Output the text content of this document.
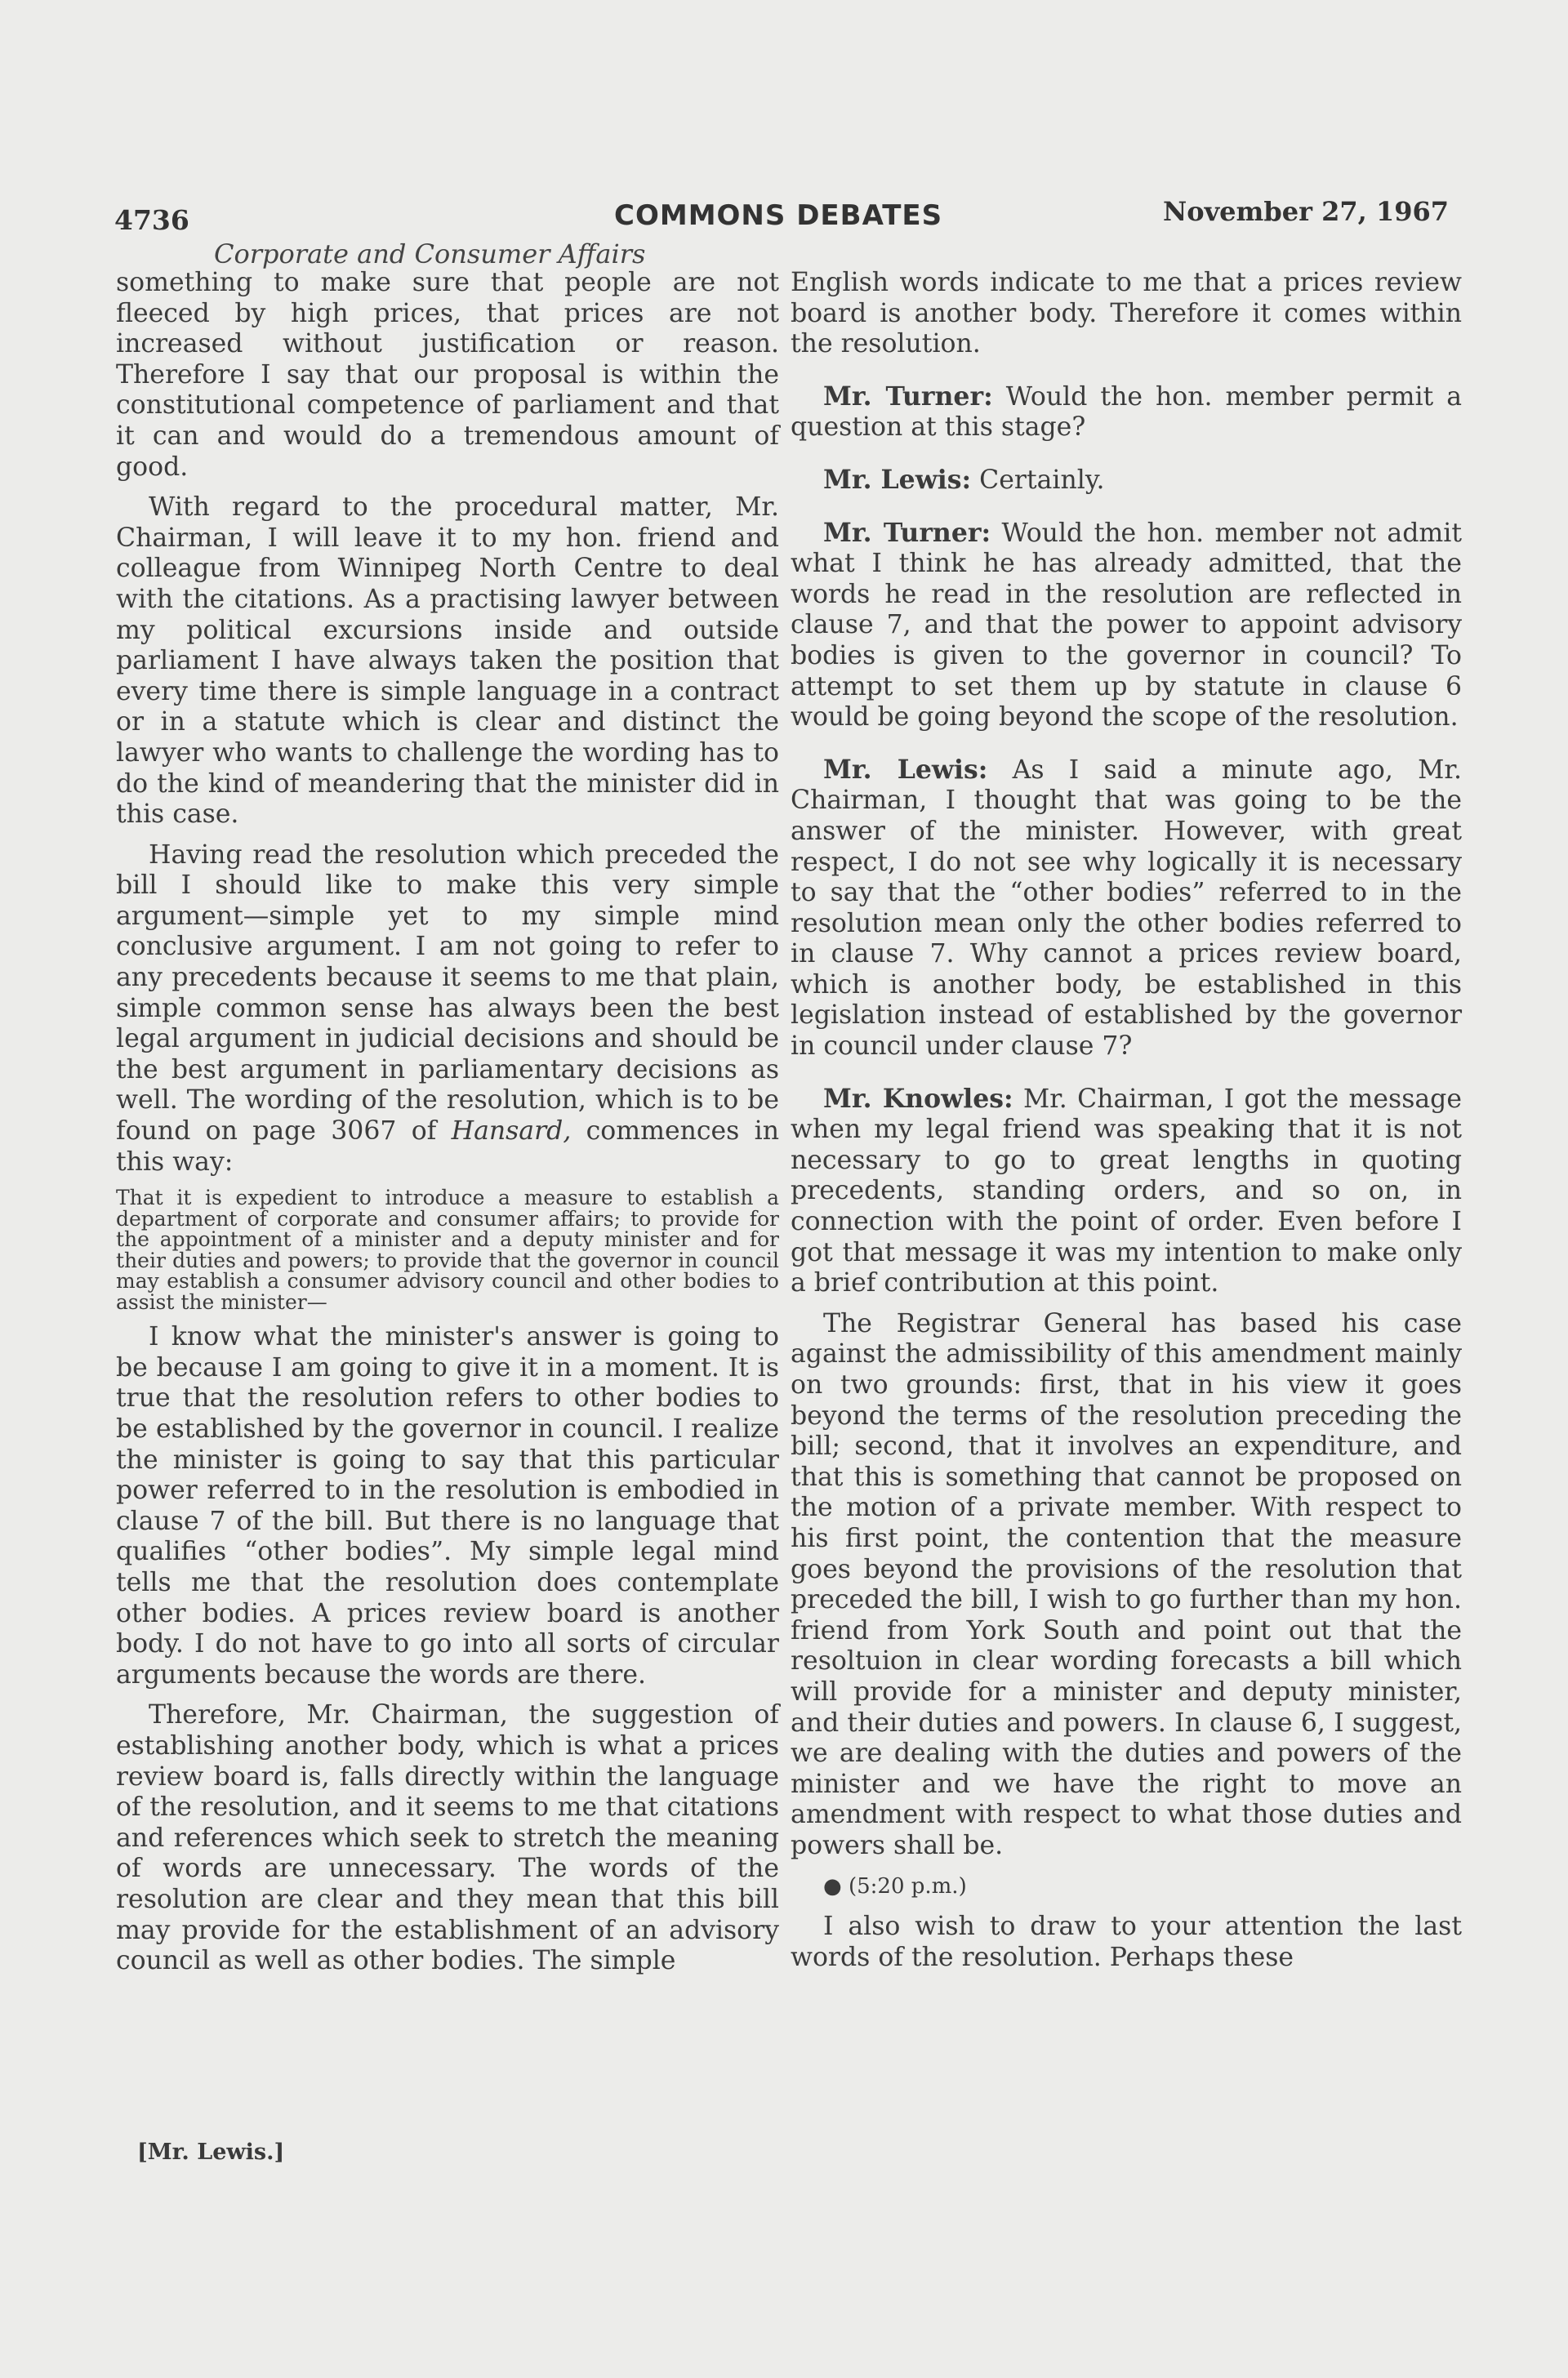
4736	COMMONS DEBATES	November 27, 1967
Corporate and Consumer Affairs

something to make sure that people are not fleeced by high prices, that prices are not increased without justification or reason. Therefore I say that our proposal is within the constitutional competence of parliament and that it can and would do a tremendous amount of good.

With regard to the procedural matter, Mr. Chairman, I will leave it to my hon. friend and colleague from Winnipeg North Centre to deal with the citations. As a practising lawyer between my political excursions inside and outside parliament I have always taken the position that every time there is simple language in a contract or in a statute which is clear and distinct the lawyer who wants to challenge the wording has to do the kind of meandering that the minister did in this case.

Having read the resolution which preceded the bill I should like to make this very simple argument—simple yet to my simple mind conclusive argument. I am not going to refer to any precedents because it seems to me that plain, simple common sense has always been the best legal argument in judicial decisions and should be the best argument in parliamentary decisions as well. The wording of the resolution, which is to be found on page 3067 of Hansard, commences in this way:

That it is expedient to introduce a measure to establish a department of corporate and consumer affairs; to provide for the appointment of a minister and a deputy minister and for their duties and powers; to provide that the governor in council may establish a consumer advisory council and other bodies to assist the minister—

I know what the minister's answer is going to be because I am going to give it in a moment. It is true that the resolution refers to other bodies to be established by the governor in council. I realize the minister is going to say that this particular power referred to in the resolution is embodied in clause 7 of the bill. But there is no language that qualifies “other bodies”. My simple legal mind tells me that the resolution does contemplate other bodies. A prices review board is another body. I do not have to go into all sorts of circular arguments because the words are there.

Therefore, Mr. Chairman, the suggestion of establishing another body, which is what a prices review board is, falls directly within the language of the resolution, and it seems to me that citations and references which seek to stretch the meaning of words are unnecessary. The words of the resolution are clear and they mean that this bill may provide for the establishment of an advisory council as well as other bodies. The simple

English words indicate to me that a prices review board is another body. Therefore it comes within the resolution.

Mr. Turner: Would the hon. member permit a question at this stage?

Mr. Lewis: Certainly.

Mr. Turner: Would the hon. member not admit what I think he has already admitted, that the words he read in the resolution are reflected in clause 7, and that the power to appoint advisory bodies is given to the governor in council? To attempt to set them up by statute in clause 6 would be going beyond the scope of the resolution.

Mr. Lewis: As I said a minute ago, Mr. Chairman, I thought that was going to be the answer of the minister. However, with great respect, I do not see why logically it is necessary to say that the “other bodies” referred to in the resolution mean only the other bodies referred to in clause 7. Why cannot a prices review board, which is another body, be established in this legislation instead of established by the governor in council under clause 7?

Mr. Knowles: Mr. Chairman, I got the message when my legal friend was speaking that it is not necessary to go to great lengths in quoting precedents, standing orders, and so on, in connection with the point of order. Even before I got that message it was my intention to make only a brief contribution at this point.

The Registrar General has based his case against the admissibility of this amendment mainly on two grounds: first, that in his view it goes beyond the terms of the resolution preceding the bill; second, that it involves an expenditure, and that this is something that cannot be proposed on the motion of a private member. With respect to his first point, the contention that the measure goes beyond the provisions of the resolution that preceded the bill, I wish to go further than my hon. friend from York South and point out that the resoltuion in clear wording forecasts a bill which will provide for a minister and deputy minister, and their duties and powers. In clause 6, I suggest, we are dealing with the duties and powers of the minister and we have the right to move an amendment with respect to what those duties and powers shall be.

● (5:20 p.m.)

I also wish to draw to your attention the last words of the resolution. Perhaps these

[Mr. Lewis.]
